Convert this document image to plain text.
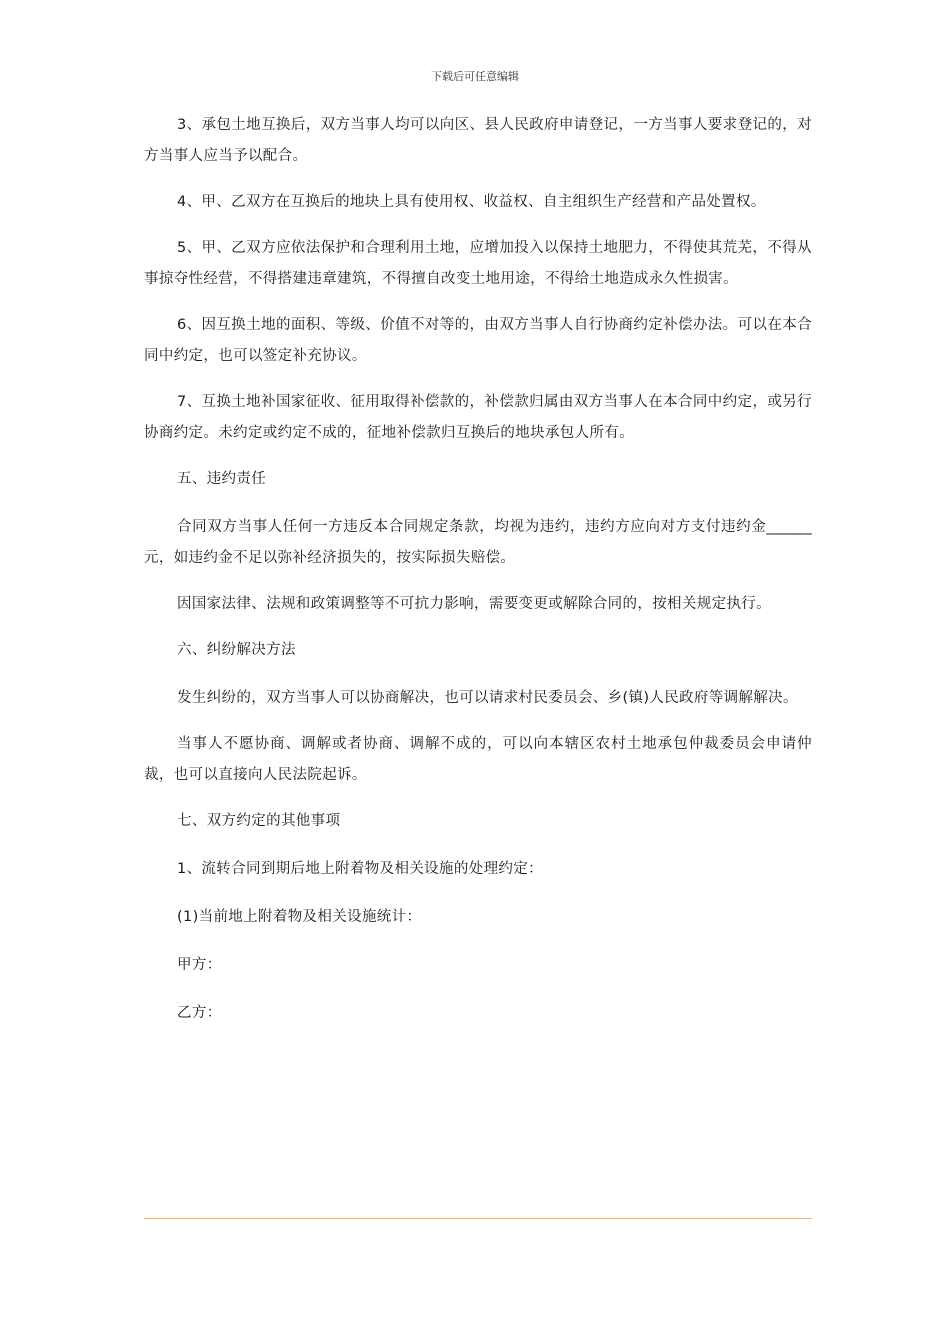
下载后可任意编辑

3、承包土地互换后，双方当事人均可以向区、县人民政府申请登记，一方当事人要求登记的，对方当事人应当予以配合。

4、甲、乙双方在互换后的地块上具有使用权、收益权、自主组织生产经营和产品处置权。

5、甲、乙双方应依法保护和合理利用土地，应增加投入以保持土地肥力，不得使其荒芜，不得从事掠夺性经营，不得搭建违章建筑，不得擅自改变土地用途，不得给土地造成永久性损害。

6、因互换土地的面积、等级、价值不对等的，由双方当事人自行协商约定补偿办法。可以在本合同中约定，也可以签定补充协议。

7、互换土地补国家征收、征用取得补偿款的，补偿款归属由双方当事人在本合同中约定，或另行协商约定。未约定或约定不成的，征地补偿款归互换后的地块承包人所有。

五、违约责任

合同双方当事人任何一方违反本合同规定条款，均视为违约，违约方应向对方支付违约金______元，如违约金不足以弥补经济损失的，按实际损失赔偿。

因国家法律、法规和政策调整等不可抗力影响，需要变更或解除合同的，按相关规定执行。

六、纠纷解决方法

发生纠纷的，双方当事人可以协商解决，也可以请求村民委员会、乡(镇)人民政府等调解解决。

当事人不愿协商、调解或者协商、调解不成的，可以向本辖区农村土地承包仲裁委员会申请仲裁，也可以直接向人民法院起诉。

七、双方约定的其他事项

1、流转合同到期后地上附着物及相关设施的处理约定：

(1)当前地上附着物及相关设施统计：

甲方：

乙方：
